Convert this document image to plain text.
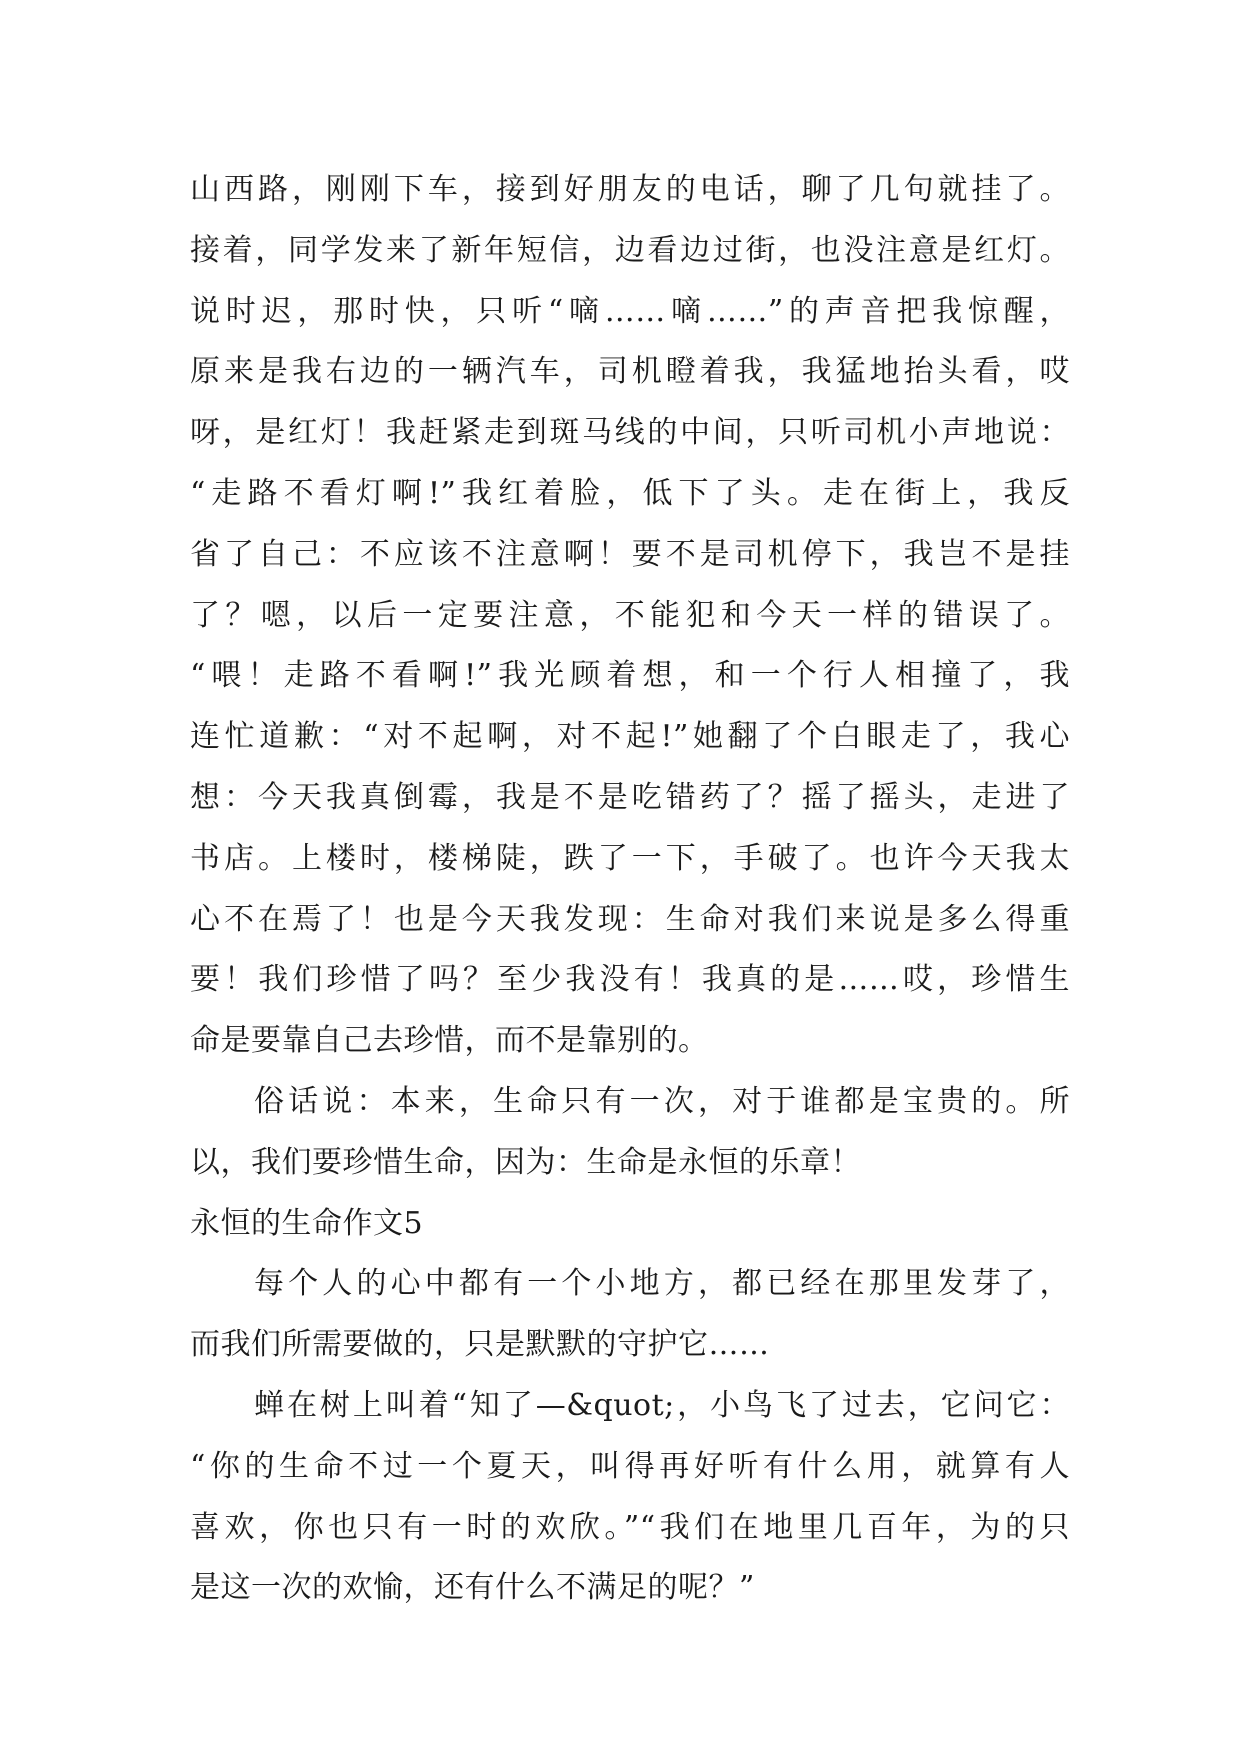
山西路，刚刚下车，接到好朋友的电话，聊了几句就挂了。
接着，同学发来了新年短信，边看边过街，也没注意是红灯。
说时迟，那时快，只听“嘀……嘀……”的声音把我惊醒，
原来是我右边的一辆汽车，司机瞪着我，我猛地抬头看，哎
呀，是红灯！我赶紧走到斑马线的中间，只听司机小声地说：
“走路不看灯啊!”我红着脸，低下了头。走在街上，我反
省了自己：不应该不注意啊！要不是司机停下，我岂不是挂
了？嗯，以后一定要注意，不能犯和今天一样的错误了。
“喂！走路不看啊!”我光顾着想，和一个行人相撞了，我
连忙道歉：“对不起啊，对不起!”她翻了个白眼走了，我心
想：今天我真倒霉，我是不是吃错药了？摇了摇头，走进了
书店。上楼时，楼梯陡，跌了一下，手破了。也许今天我太
心不在焉了！也是今天我发现：生命对我们来说是多么得重
要！我们珍惜了吗？至少我没有！我真的是……哎，珍惜生
命是要靠自己去珍惜，而不是靠别的。
俗话说：本来，生命只有一次，对于谁都是宝贵的。所
以，我们要珍惜生命，因为：生命是永恒的乐章！
永恒的生命作文5
每个人的心中都有一个小地方，都已经在那里发芽了，
而我们所需要做的，只是默默的守护它……
蝉在树上叫着“知了—&quot;，小鸟飞了过去，它问它：
“你的生命不过一个夏天，叫得再好听有什么用，就算有人
喜欢，你也只有一时的欢欣。”“我们在地里几百年，为的只
是这一次的欢愉，还有什么不满足的呢？”
